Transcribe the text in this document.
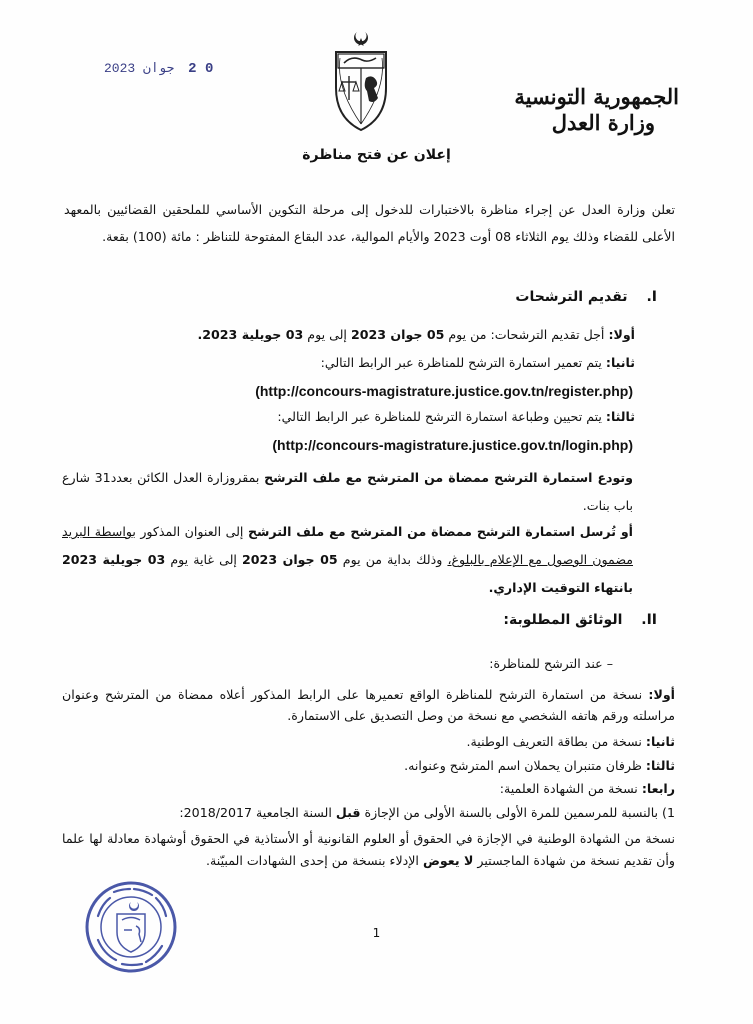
0 2 جوان 2023
الجمهورية التونسية
وزارة العدل
إعلان عن فتح مناظرة
تعلن وزارة العدل عن إجراء مناظرة بالاختبارات للدخول إلى مرحلة التكوين الأساسي للملحقين القضائيين بالمعهد الأعلى للقضاء وذلك يوم الثلاثاء 08 أوت 2023 والأيام الموالية، عدد البقاع المفتوحة للتناظر : مائة (100) بقعة.
I. تقديم الترشحات
أولا: أجل تقديم الترشحات: من يوم 05 جوان 2023 إلى يوم 03 جويلية 2023.
ثانيا: يتم تعمير استمارة الترشح للمناظرة عبر الرابط التالي:
(http://concours-magistrature.justice.gov.tn/register.php)
ثالثا: يتم تحيين وطباعة استمارة الترشح للمناظرة عبر الرابط التالي:
(http://concours-magistrature.justice.gov.tn/login.php)
وتودع استمارة الترشح ممضاة من المترشح مع ملف الترشح بمقروزارة العدل الكائن بعدد31 شارع باب بنات.
أو تُرسل استمارة الترشح ممضاة من المترشح مع ملف الترشح إلى العنوان المذكور بواسطة البريد مضمون الوصول مع الإعلام بالبلوغ، وذلك بداية من يوم 05 جوان 2023 إلى غاية يوم 03 جويلية 2023 بانتهاء التوقيت الإداري.
II. الوثائق المطلوبة:
– عند الترشح للمناظرة:
أولا: نسخة من استمارة الترشح للمناظرة الواقع تعميرها على الرابط المذكور أعلاه ممضاة من المترشح وعنوان مراسلته ورقم هاتفه الشخصي مع نسخة من وصل التصديق على الاستمارة.
ثانيا: نسخة من بطاقة التعريف الوطنية.
ثالثا: ظرفان متنبران يحملان اسم المترشح وعنوانه.
رابعا: نسخة من الشهادة العلمية:
1) بالنسبة للمرسمين للمرة الأولى بالسنة الأولى من الإجازة قبل السنة الجامعية 2018/2017:
نسخة من الشهادة الوطنية في الإجازة في الحقوق أو العلوم القانونية أو الأستاذية في الحقوق أوشهادة معادلة لها علما وأن تقديم نسخة من شهادة الماجستير لا يعوض الإدلاء بنسخة من إحدى الشهادات المبيّنة.
1
